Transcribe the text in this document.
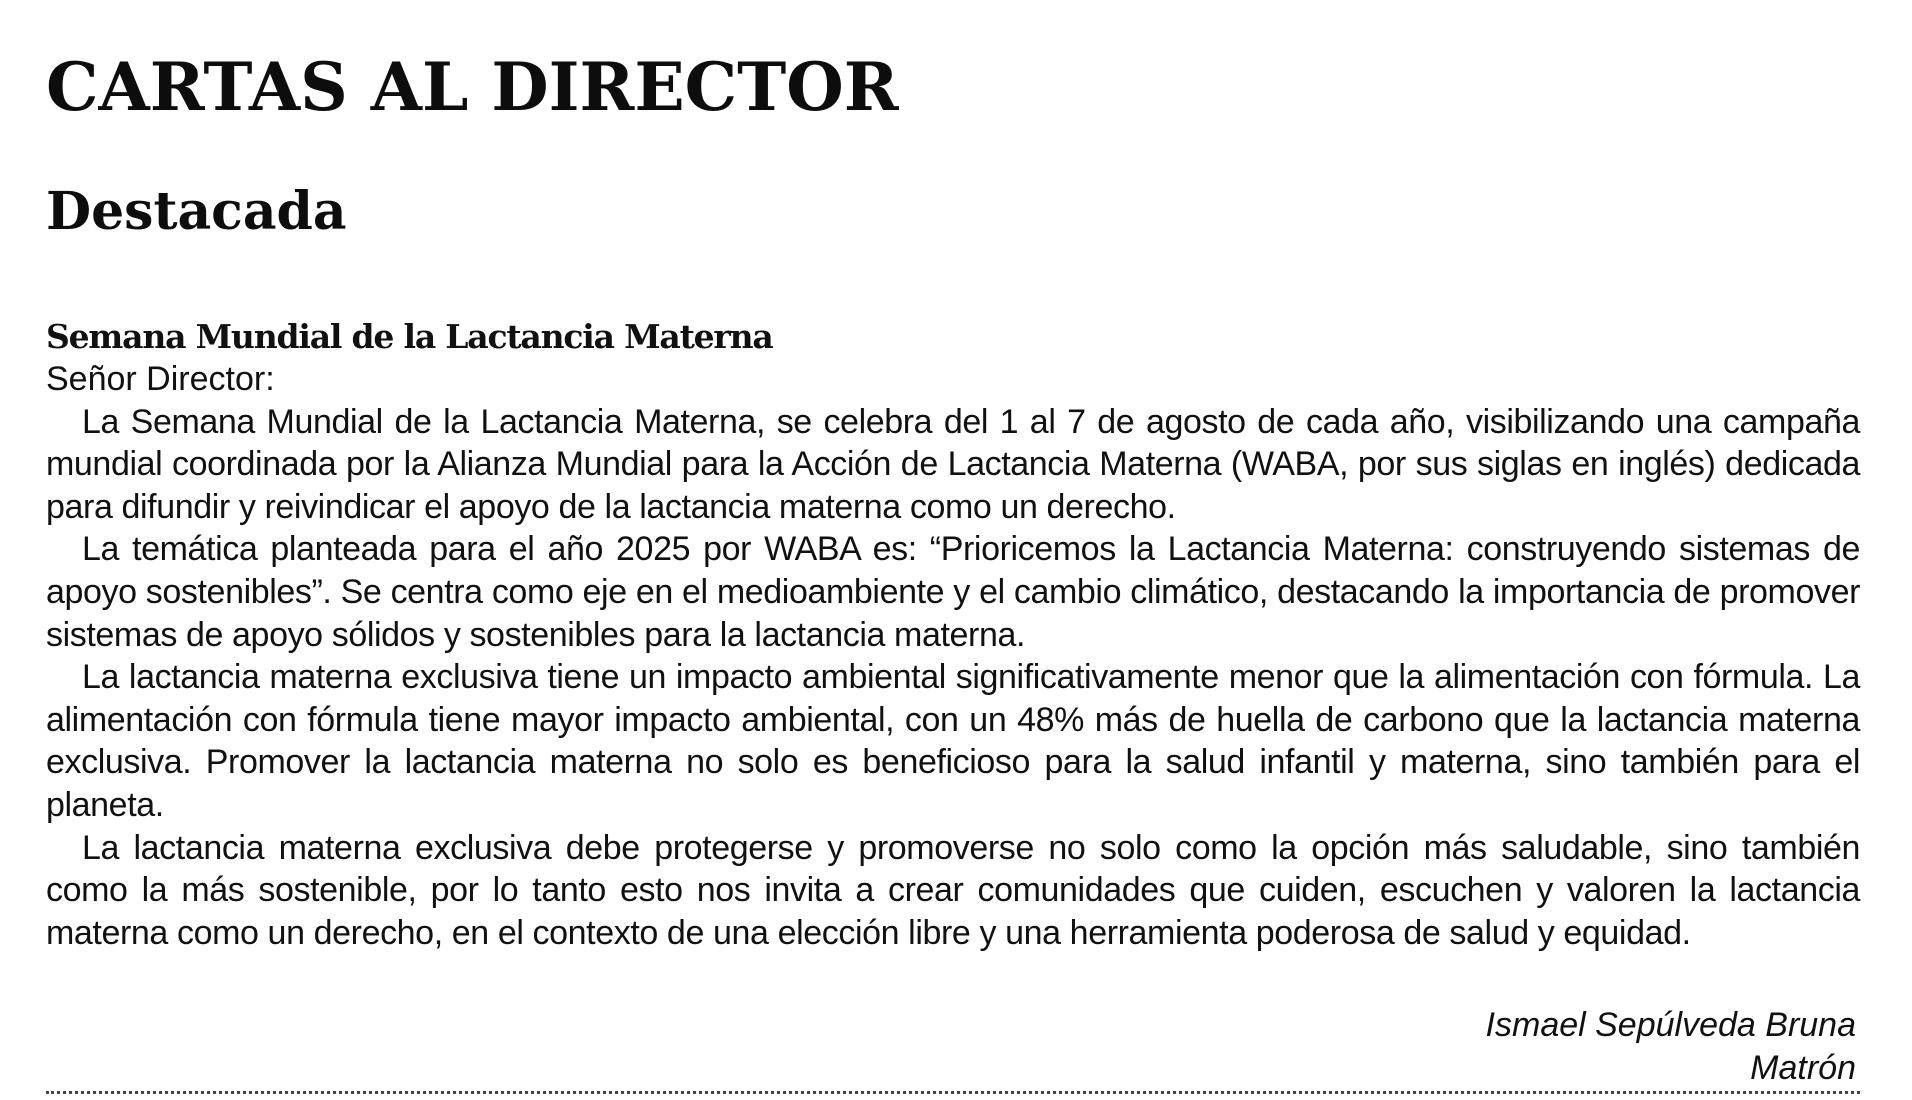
CARTAS AL DIRECTOR
Destacada
Semana Mundial de la Lactancia Materna

Señor Director:

La Semana Mundial de la Lactancia Materna, se celebra del 1 al 7 de agosto de cada año, visibilizando una campaña mundial coordinada por la Alianza Mundial para la Acción de Lactancia Materna (WABA, por sus siglas en inglés) dedicada para difundir y reivindicar el apoyo de la lactancia materna como un derecho.

La temática planteada para el año 2025 por WABA es: “Prioricemos la Lactancia Materna: construyendo sistemas de apoyo sostenibles”. Se centra como eje en el medioambiente y el cambio climático, destacando la importancia de promover sistemas de apoyo sólidos y sostenibles para la lactancia materna.

La lactancia materna exclusiva tiene un impacto ambiental significativamente menor que la alimentación con fórmula. La alimentación con fórmula tiene mayor impacto ambiental, con un 48% más de huella de carbono que la lactancia materna exclusiva. Promover la lactancia materna no solo es beneficioso para la salud infantil y materna, sino también para el planeta.

La lactancia materna exclusiva debe protegerse y promoverse no solo como la opción más saludable, sino también como la más sostenible, por lo tanto esto nos invita a crear comunidades que cuiden, escuchen y valoren la lactancia materna como un derecho, en el contexto de una elección libre y una herramienta poderosa de salud y equidad.

Ismael Sepúlveda Bruna
Matrón
